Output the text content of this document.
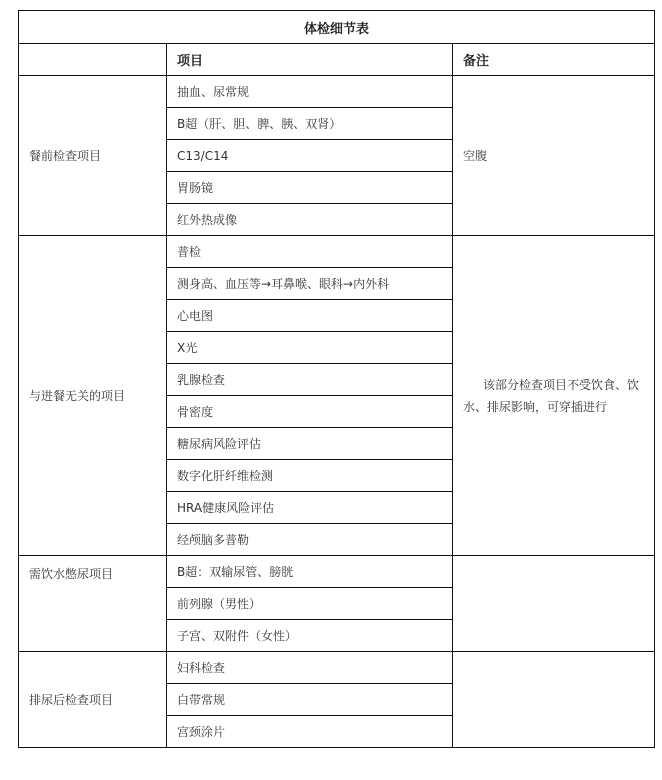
体检细节表		
	项目	备注
餐前检查项目	抽血、尿常规	空腹
	B超（肝、胆、脾、胰、双肾）	
	C13/C14	
	胃肠镜	
	红外热成像	
与进餐无关的项目	普检	该部分检查项目不受饮食、饮水、排尿影响，可穿插进行
	测身高、血压等→耳鼻喉、眼科→内外科	
	心电图	
	X光	
	乳腺检查	
	骨密度	
	糖尿病风险评估	
	数字化肝纤维检测	
	HRA健康风险评估	
	经颅脑多普勒	
需饮水憋尿项目	B超：双输尿管、膀胱	
	前列腺（男性）	
	子宫、双附件（女性）	
排尿后检查项目	妇科检查	
	白带常规	
	宫颈涂片	
